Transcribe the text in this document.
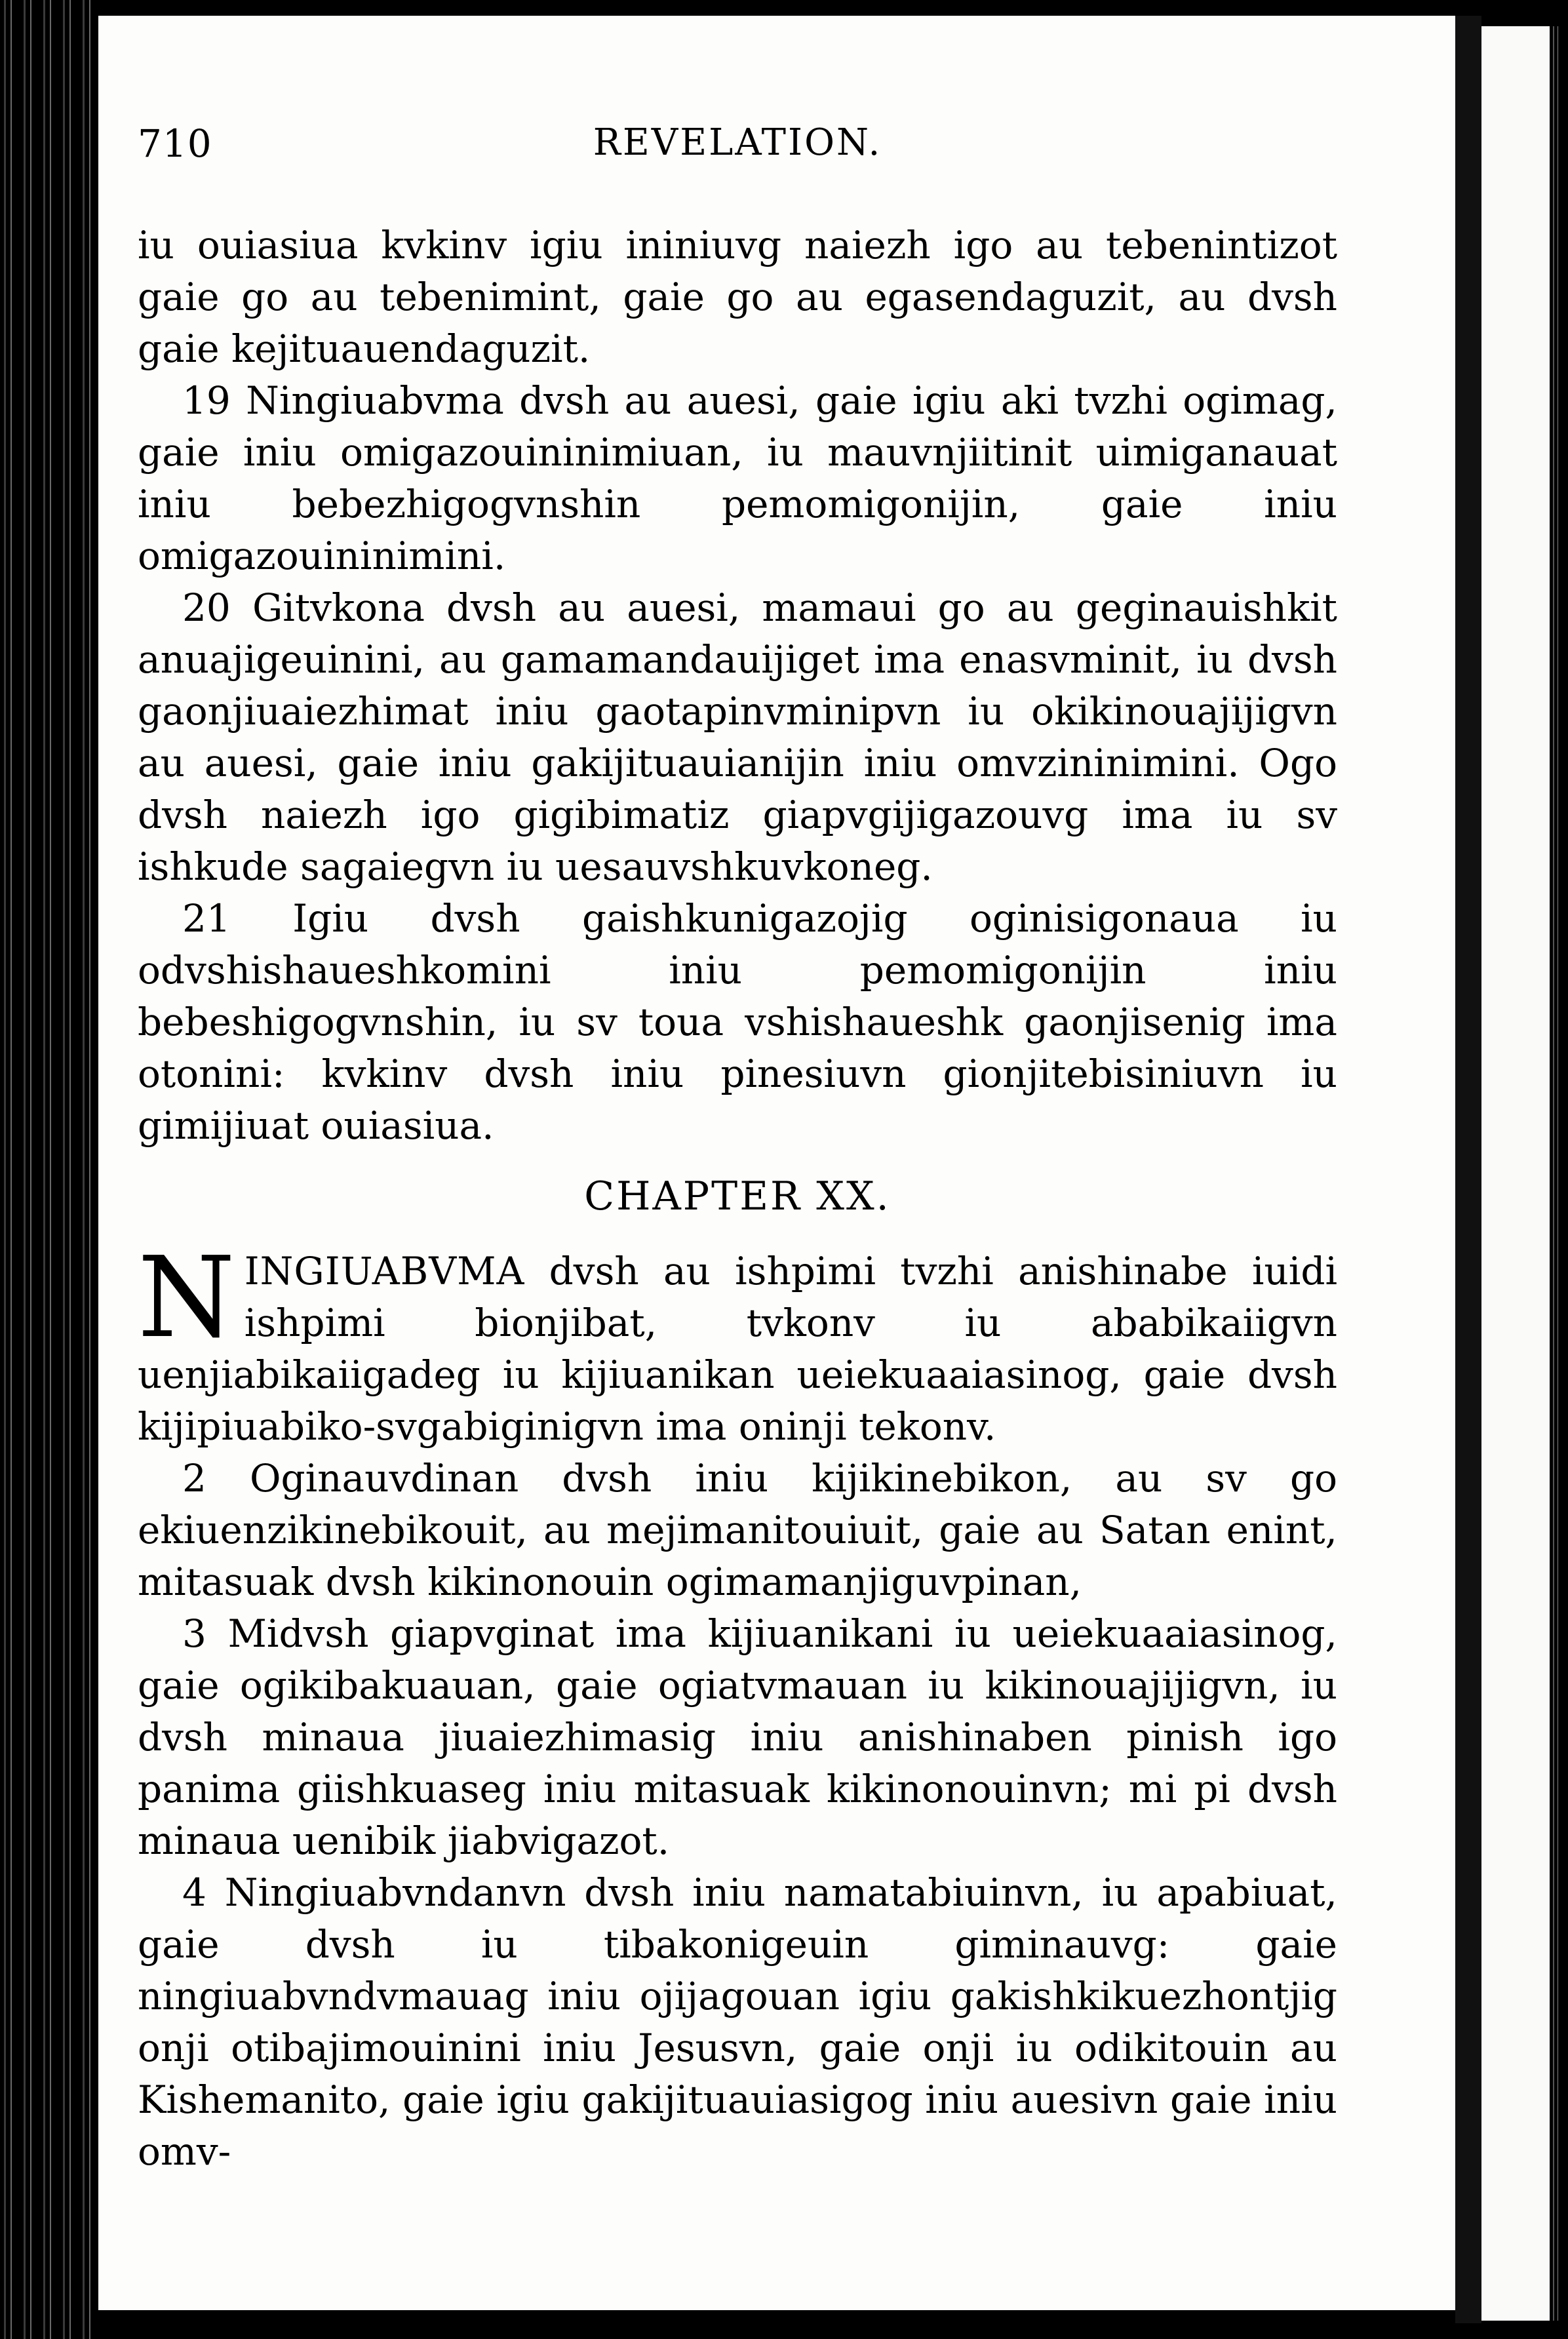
710	REVELATION.

iu ouiasiua kvkinv igiu ininiuvg naiezh igo au tebenintizot gaie go au tebenimint, gaie go au egasendaguzit, au dvsh gaie kejituauendaguzit.

19 Ningiuabvma dvsh au auesi, gaie igiu aki tvzhi ogimag, gaie iniu omigazouininimiuan, iu mauvnjiitinit uimiganauat iniu bebezhigogvnshin pemomigonijin, gaie iniu omigazouininimini.

20 Gitvkona dvsh au auesi, mamaui go au geginauishkit anuajigeuinini, au gamamandauijiget ima enasvminit, iu dvsh gaonjiuaiezhimat iniu gaotapinvminipvn iu okikinouajijigvn au auesi, gaie iniu gakijituauianijin iniu omvzininimini. Ogo dvsh naiezh igo gigibimatiz giapvgijigazouvg ima iu sv ishkude sagaiegvn iu uesauvshkuvkoneg.

21 Igiu dvsh gaishkunigazojig oginisigonaua iu odvshishaueshkomini iniu pemomigonijin iniu bebeshigogvnshin, iu sv toua vshishaueshk gaonjisenig ima otonini: kvkinv dvsh iniu pinesiuvn gionjitebisiniuvn iu gimijiuat ouiasiua.

CHAPTER XX.

NINGIUABVMA dvsh au ishpimi tvzhi anishinabe iuidi ishpimi bionjibat, tvkonv iu ababikaiigvn uenjiabikaiigadeg iu kijiuanikan ueiekuaaiasinog, gaie dvsh kijipiuabiko-svgabiginigvn ima oninji tekonv.

2 Oginauvdinan dvsh iniu kijikinebikon, au sv go ekiuenzikinebikouit, au mejimanitouiuit, gaie au Satan enint, mitasuak dvsh kikinonouin ogimamanjiguvpinan,

3 Midvsh giapvginat ima kijiuanikani iu ueiekuaaiasinog, gaie ogikibakuauan, gaie ogiatvmauan iu kikinouajijigvn, iu dvsh minaua jiuaiezhimasig iniu anishinaben pinish igo panima giishkuaseg iniu mitasuak kikinonouinvn; mi pi dvsh minaua uenibik jiabvigazot.

4 Ningiuabvndanvn dvsh iniu namatabiuinvn, iu apabiuat, gaie dvsh iu tibakonigeuin giminauvg: gaie ningiuabvndvmauag iniu ojijagouan igiu gakishkikuezhontjig onji otibajimouinini iniu Jesusvn, gaie onji iu odikitouin au Kishemanito, gaie igiu gakijituauiasigog iniu auesivn gaie iniu omv-
